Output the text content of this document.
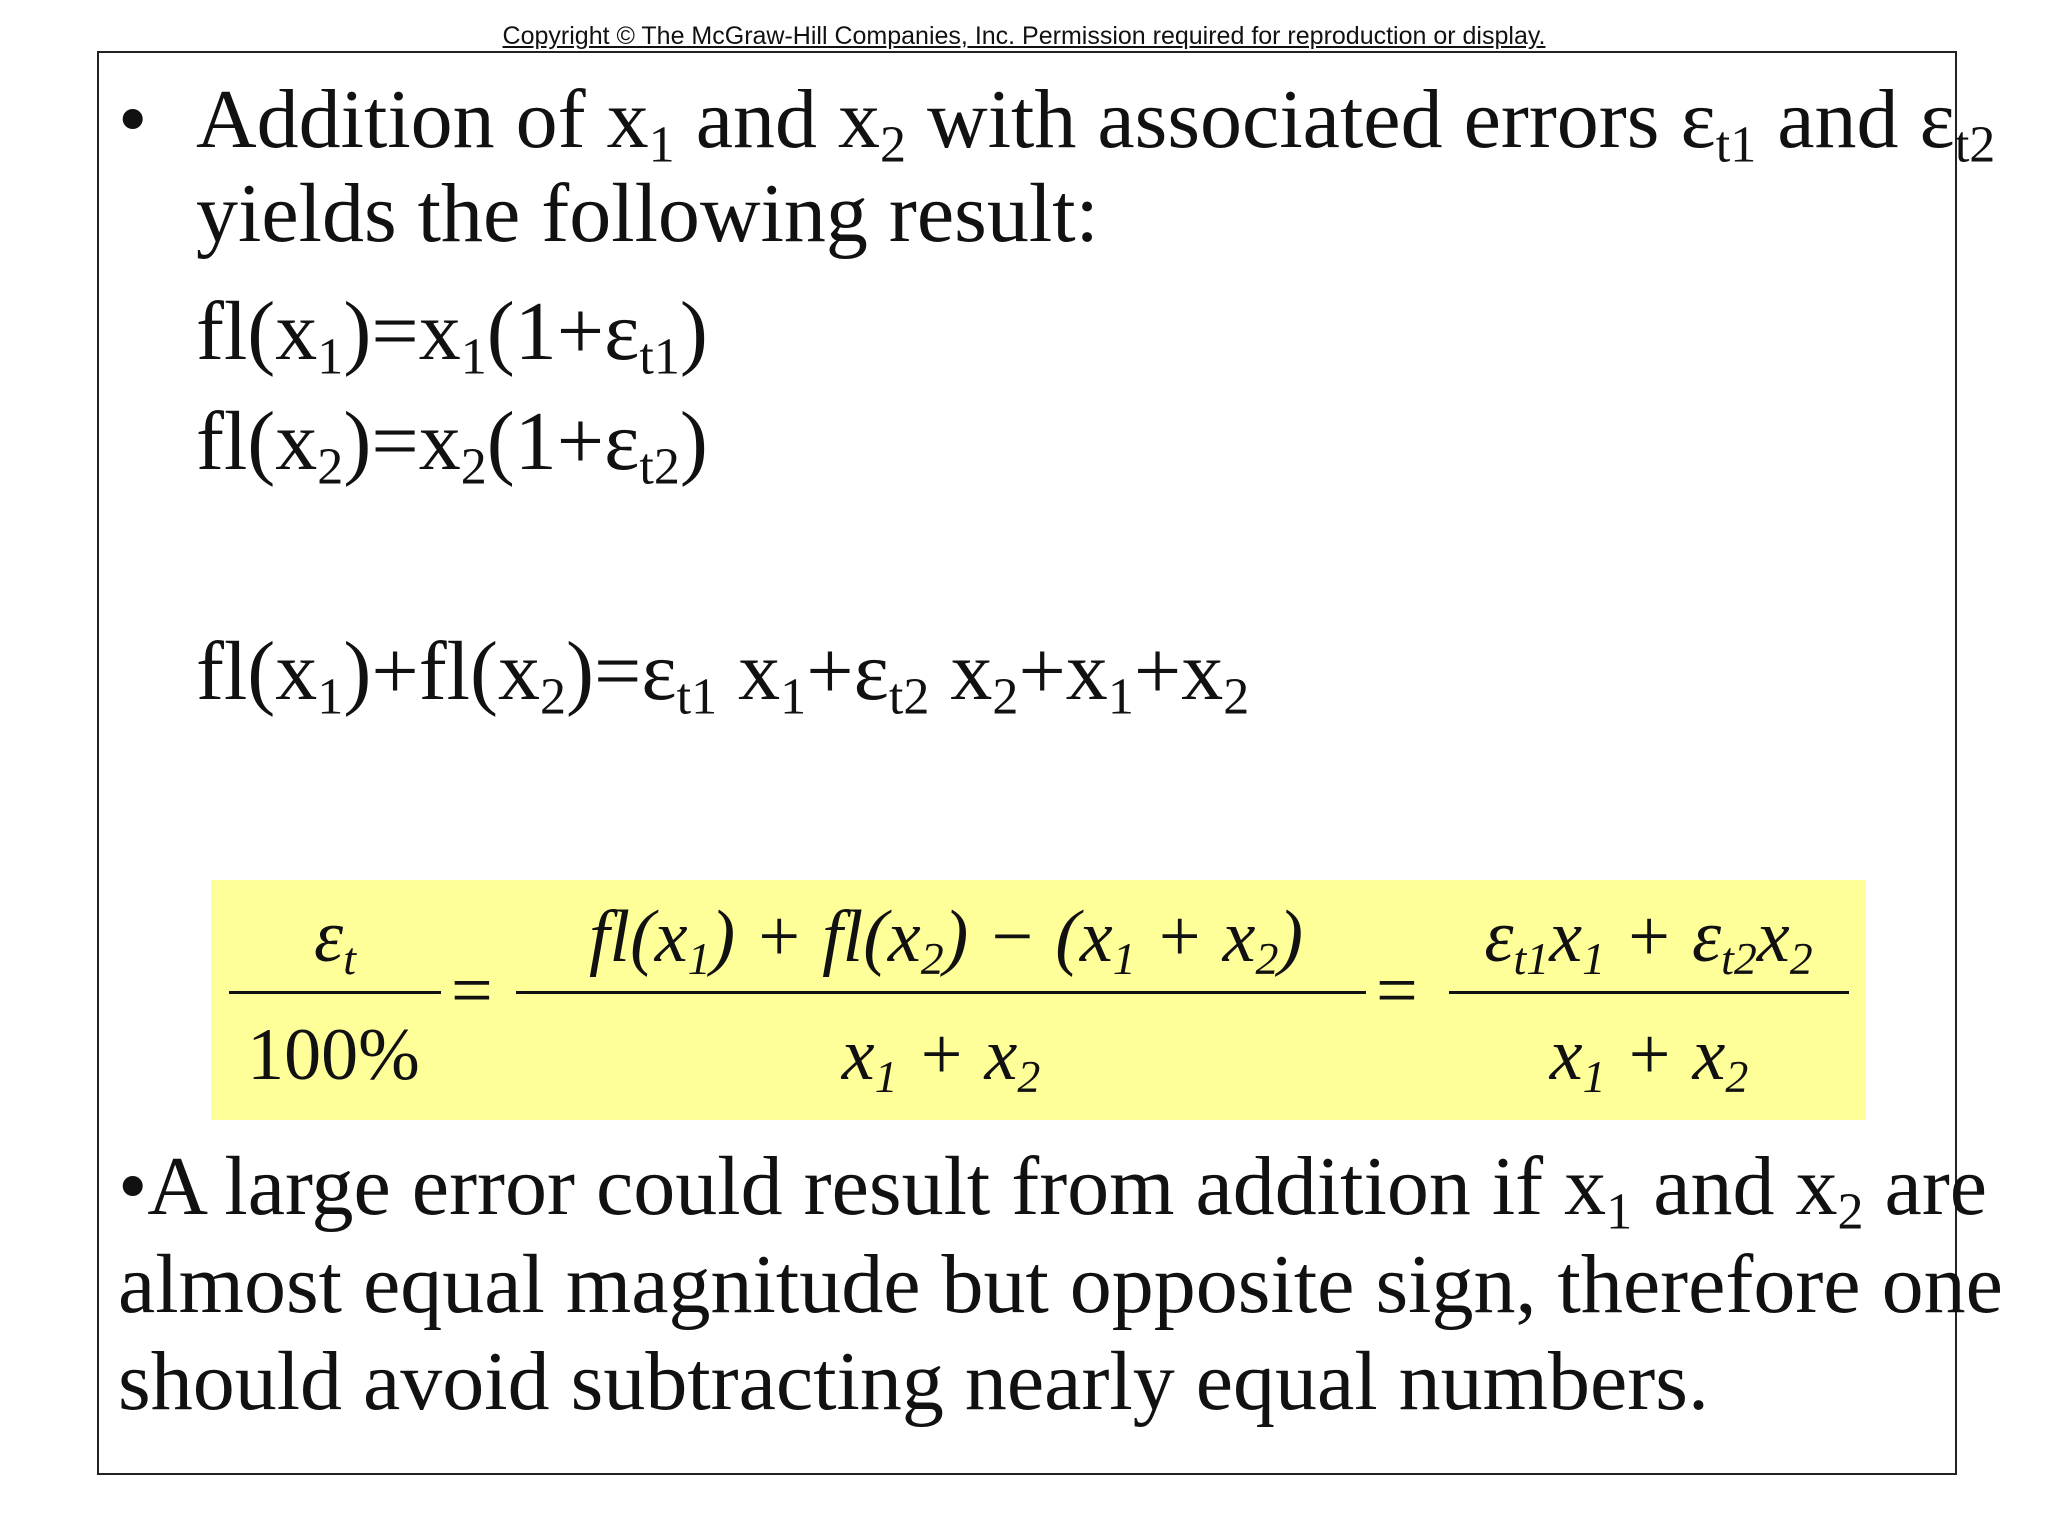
Copyright © The McGraw-Hill Companies, Inc. Permission required for reproduction or display.
• Addition of $x_1$ and $x_2$ with associated errors $\varepsilon_{t1}$ and $\varepsilon_{t2}$
yields the following result:
$fl(x_1)=x_1(1+\varepsilon_{t1})$
$fl(x_2)=x_2(1+\varepsilon_{t2})$
$fl(x_1)+fl(x_2)=\varepsilon_{t1}$ $x_1+\varepsilon_{t2}$ $x_2+x_1+x_2$
$\varepsilon_t$
100%
=
$fl(x_1) + fl(x_2) - (x_1 + x_2)$
$x_1 + x_2$
=
$\varepsilon_{t1}x_1 + \varepsilon_{t2}x_2$
$x_1 + x_2$
•A large error could result from addition if $x_1$ and $x_2$ are
almost equal magnitude but opposite sign, therefore one
should avoid subtracting nearly equal numbers.
